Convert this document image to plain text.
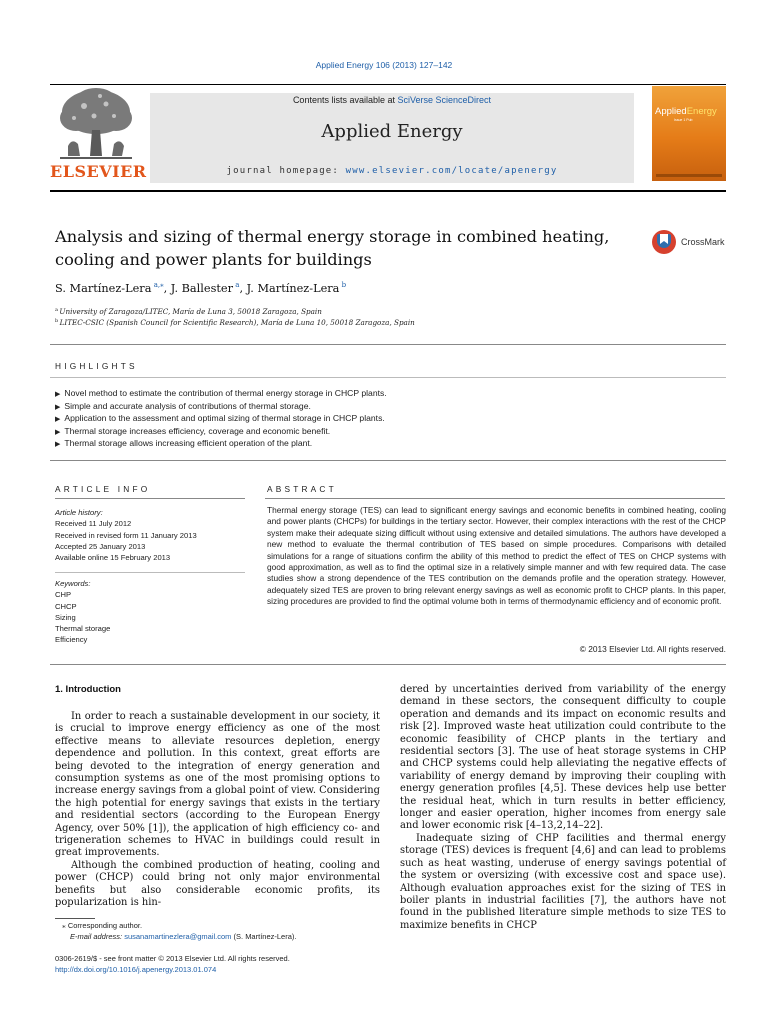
Applied Energy 106 (2013) 127–142
ELSEVIER
Contents lists available at SciVerse ScienceDirect
Applied Energy
journal homepage: www.elsevier.com/locate/apenergy
AppliedEnergy
Issue 1 Pub
Analysis and sizing of thermal energy storage in combined heating, cooling and power plants for buildings
CrossMark
S. Martínez-Lera  $^{a,⁎}$, J. Ballester  $^a$, J. Martínez-Lera  $^b$
$^a$ University of Zaragoza/LITEC, María de Luna 3, 50018 Zaragoza, Spain
$^b$ LITEC-CSIC (Spanish Council for Scientific Research), María de Luna 10, 50018 Zaragoza, Spain
HIGHLIGHTS
▶ Novel method to estimate the contribution of thermal energy storage in CHCP plants.
▶ Simple and accurate analysis of contributions of thermal storage.
▶ Application to the assessment and optimal sizing of thermal storage in CHCP plants.
▶ Thermal storage increases efficiency, coverage and economic benefit.
▶ Thermal storage allows increasing efficient operation of the plant.
ARTICLE INFO	ABSTRACT
Article history:
Received 11 July 2012
Received in revised form 11 January 2013
Accepted 25 January 2013
Available online 15 February 2013
Keywords:
CHP
CHCP
Sizing
Thermal storage
Efficiency
Thermal energy storage (TES) can lead to significant energy savings and economic benefits in combined heating, cooling and power plants (CHCPs) for buildings in the tertiary sector. However, their complex interactions with the rest of the CHCP system make their adequate sizing difficult without using extensive and detailed simulations. The authors have developed a new method to evaluate the thermal contribution of TES based on simple procedures. Comparisons with detailed simulations for a range of situations confirm the ability of this method to predict the effect of TES on CHCP systems with good approximation, as well as to find the optimal size in a relatively simple manner and with few required data. The case studies show a strong dependence of the TES contribution on the demands profile and the operation strategy. However, adequately sized TES are proven to bring relevant energy savings as well as economic profit to CHCP plants. In this paper, sizing procedures are provided to find the optimal volume both in terms of thermodynamic efficiency and of economic profit.
© 2013 Elsevier Ltd. All rights reserved.
1. Introduction

In order to reach a sustainable development in our society, it is crucial to improve energy efficiency as one of the most effective means to alleviate resources depletion, energy dependence and pollution. In this context, great efforts are being devoted to the integration of energy generation and consumption systems as one of the most promising options to increase energy savings from a global point of view. Considering the high potential for energy savings that exists in the tertiary and residential sectors (according to the European Energy Agency, over 50% [1]), the application of high efficiency co- and trigeneration schemes to HVAC in buildings could result in great improvements.

Although the combined production of heating, cooling and power (CHCP) could bring not only major environmental benefits but also considerable economic profits, its popularization is hin-

dered by uncertainties derived from variability of the energy demand in these sectors, the consequent difficulty to couple operation and demands and its impact on economic results and risk [2]. Improved waste heat utilization could contribute to the economic feasibility of CHCP plants in the tertiary and residential sectors [3]. The use of heat storage systems in CHP and CHCP systems could help alleviating the negative effects of variability of energy demand by improving their coupling with energy generation profiles [4,5]. These devices help use better the residual heat, which in turn results in better efficiency, longer and easier operation, higher incomes from energy sale and lower economic risk [4–13,2,14–22].

Inadequate sizing of CHP facilities and thermal energy storage (TES) devices is frequent [4,6] and can lead to problems such as heat wasting, underuse of energy savings potential of the system or oversizing (with excessive cost and space use). Although evaluation approaches exist for the sizing of TES in boiler plants in industrial facilities [7], the authors have not found in the published literature simple methods to size TES to maximize benefits in CHCP

⁎ Corresponding author.
E-mail address: susanamartinezlera@gmail.com (S. Martínez-Lera).
0306-2619/$ - see front matter © 2013 Elsevier Ltd. All rights reserved.
http://dx.doi.org/10.1016/j.apenergy.2013.01.074
